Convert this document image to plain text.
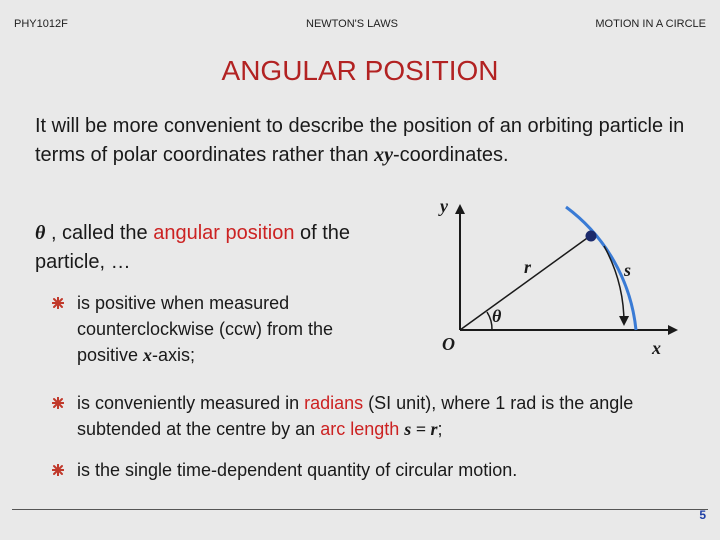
PHY1012F	NEWTON'S LAWS	MOTION IN A CIRCLE
ANGULAR POSITION
It will be more convenient to describe the position of an orbiting particle in terms of polar coordinates rather than xy-coordinates.
θ , called the angular position of the particle, …
is positive when measured counterclockwise (ccw) from the positive x-axis;
is conveniently measured in radians (SI unit), where 1 rad is the angle subtended at the centre by an arc length s = r;
is the single time-dependent quantity of circular motion.
y
x
O
r	s
θ
5
